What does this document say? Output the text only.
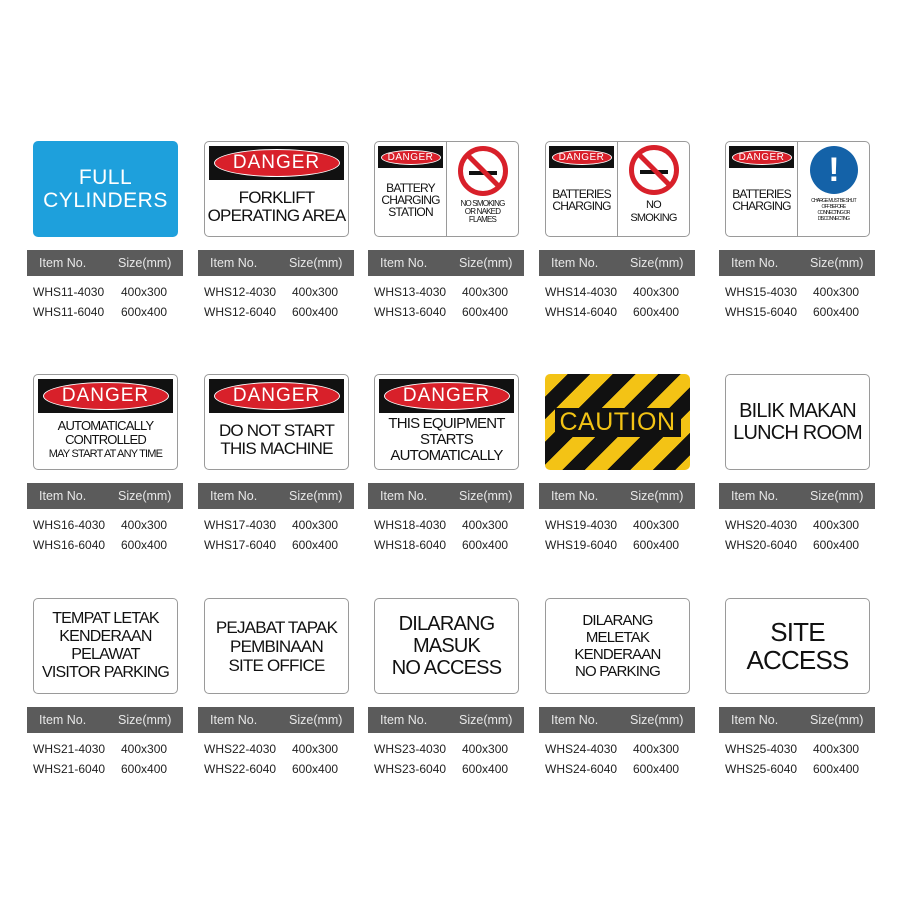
FULL
CYLINDERS
Item No.	Size(mm)
WHS11-4030 400x300
WHS11-6040 600x400
DANGER
FORKLIFT
OPERATING AREA
Item No.	Size(mm)
WHS12-4030 400x300
WHS12-6040 600x400
DANGER
BATTERY
CHARGING
STATION
NO SMOKING
OR NAKED
FLAMES
Item No.	Size(mm)
WHS13-4030 400x300
WHS13-6040 600x400
DANGER
BATTERIES
CHARGING	NO
SMOKING
Item No.	Size(mm)
WHS14-4030 400x300
WHS14-6040 600x400
DANGER
BATTERIES
CHARGING
!
CHARGE MUST BE SHUT
OFF BEFORE
CONNECTING OR
DISCONNECTING
Item No.	Size(mm)
WHS15-4030 400x300
WHS15-6040 600x400
DANGER
AUTOMATICALLY
CONTROLLED
MAY START AT ANY TIME
Item No.	Size(mm)
WHS16-4030 400x300
WHS16-6040 600x400
DANGER
DO NOT START
THIS MACHINE
Item No.	Size(mm)
WHS17-4030 400x300
WHS17-6040 600x400
DANGER
THIS EQUIPMENT
STARTS
AUTOMATICALLY
Item No.	Size(mm)
WHS18-4030 400x300
WHS18-6040 600x400
CAUTION
Item No.	Size(mm)
WHS19-4030 400x300
WHS19-6040 600x400
BILIK MAKAN
LUNCH ROOM
Item No.	Size(mm)
WHS20-4030 400x300
WHS20-6040 600x400
TEMPAT LETAK
KENDERAAN
PELAWAT
VISITOR PARKING
Item No.	Size(mm)
WHS21-4030 400x300
WHS21-6040 600x400
PEJABAT TAPAK
PEMBINAAN
SITE OFFICE
Item No.	Size(mm)
WHS22-4030 400x300
WHS22-6040 600x400
DILARANG
MASUK
NO ACCESS
Item No.	Size(mm)
WHS23-4030 400x300
WHS23-6040 600x400
DILARANG
MELETAK
KENDERAAN
NO PARKING
Item No.	Size(mm)
WHS24-4030 400x300
WHS24-6040 600x400
SITE
ACCESS
Item No.	Size(mm)
WHS25-4030 400x300
WHS25-6040 600x400
